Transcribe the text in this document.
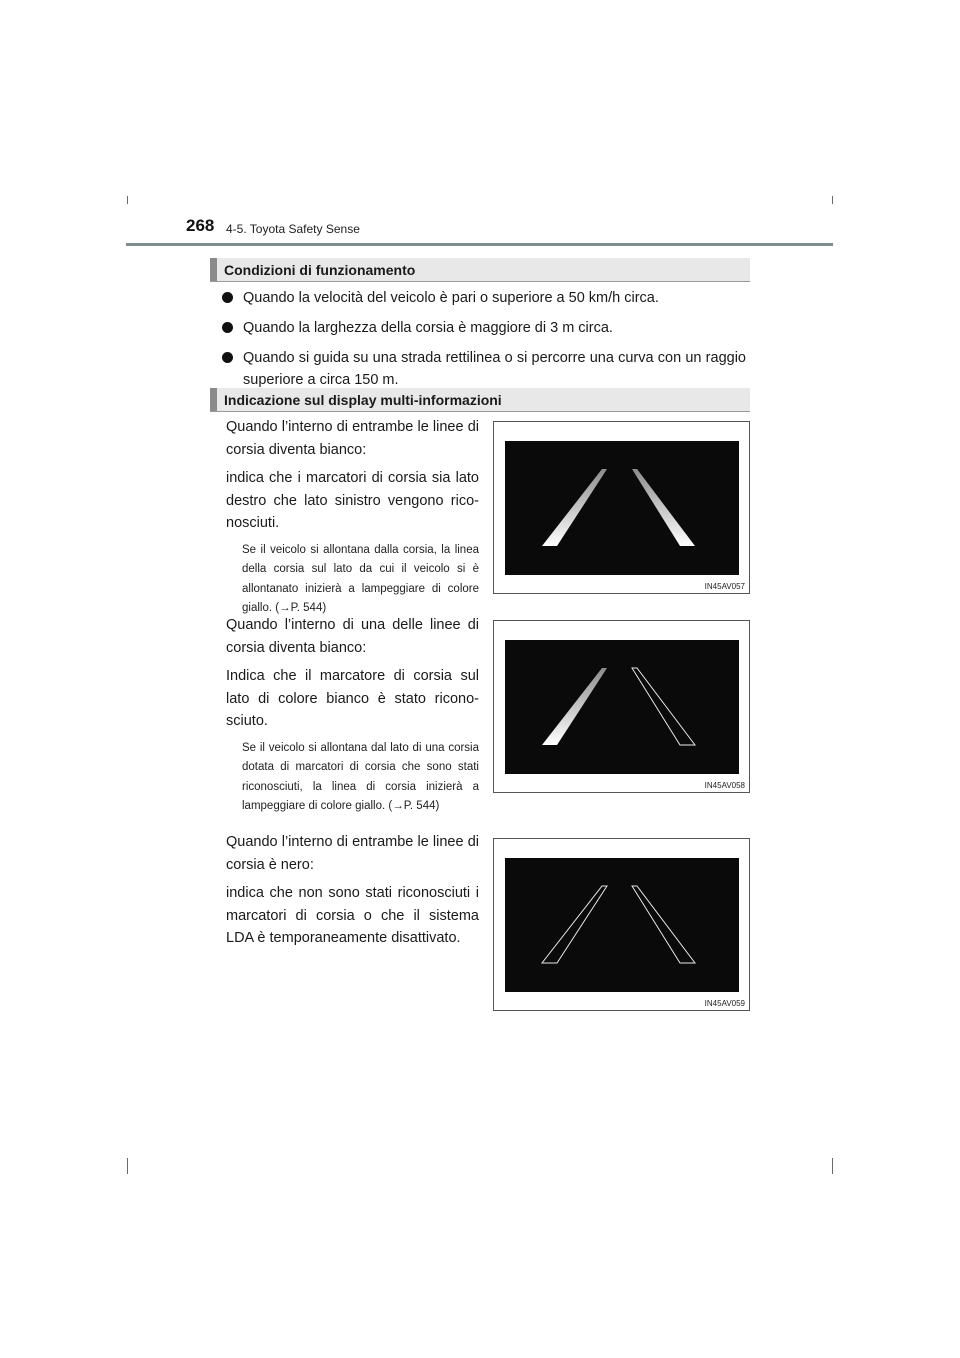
268 4-5. Toyota Safety Sense
Condizioni di funzionamento
Quando la velocità del veicolo è pari o superiore a 50 km/h circa.
Quando la larghezza della corsia è maggiore di 3 m circa.
Quando si guida su una strada rettilinea o si percorre una curva con un raggio superiore a circa 150 m.
Indicazione sul display multi-informazioni

Quando l’interno di entrambe le linee di corsia diventa bianco:

indica che i marcatori di corsia sia lato destro che lato sinistro vengono riconosciuti.

Se il veicolo si allontana dalla corsia, la linea della corsia sul lato da cui il veicolo si è allontanato inizierà a lampeggiare di colore giallo. (→P. 544)
IN45AV057

Quando l’interno di una delle linee di corsia diventa bianco:

Indica che il marcatore di corsia sul lato di colore bianco è stato riconosciuto.

Se il veicolo si allontana dal lato di una corsia dotata di marcatori di corsia che sono stati riconosciuti, la linea di corsia inizierà a lampeggiare di colore giallo. (→P. 544)
IN45AV058

Quando l’interno di entrambe le linee di corsia è nero:

indica che non sono stati riconosciuti i marcatori di corsia o che il sistema LDA è temporaneamente disattivato.

IN45AV059
